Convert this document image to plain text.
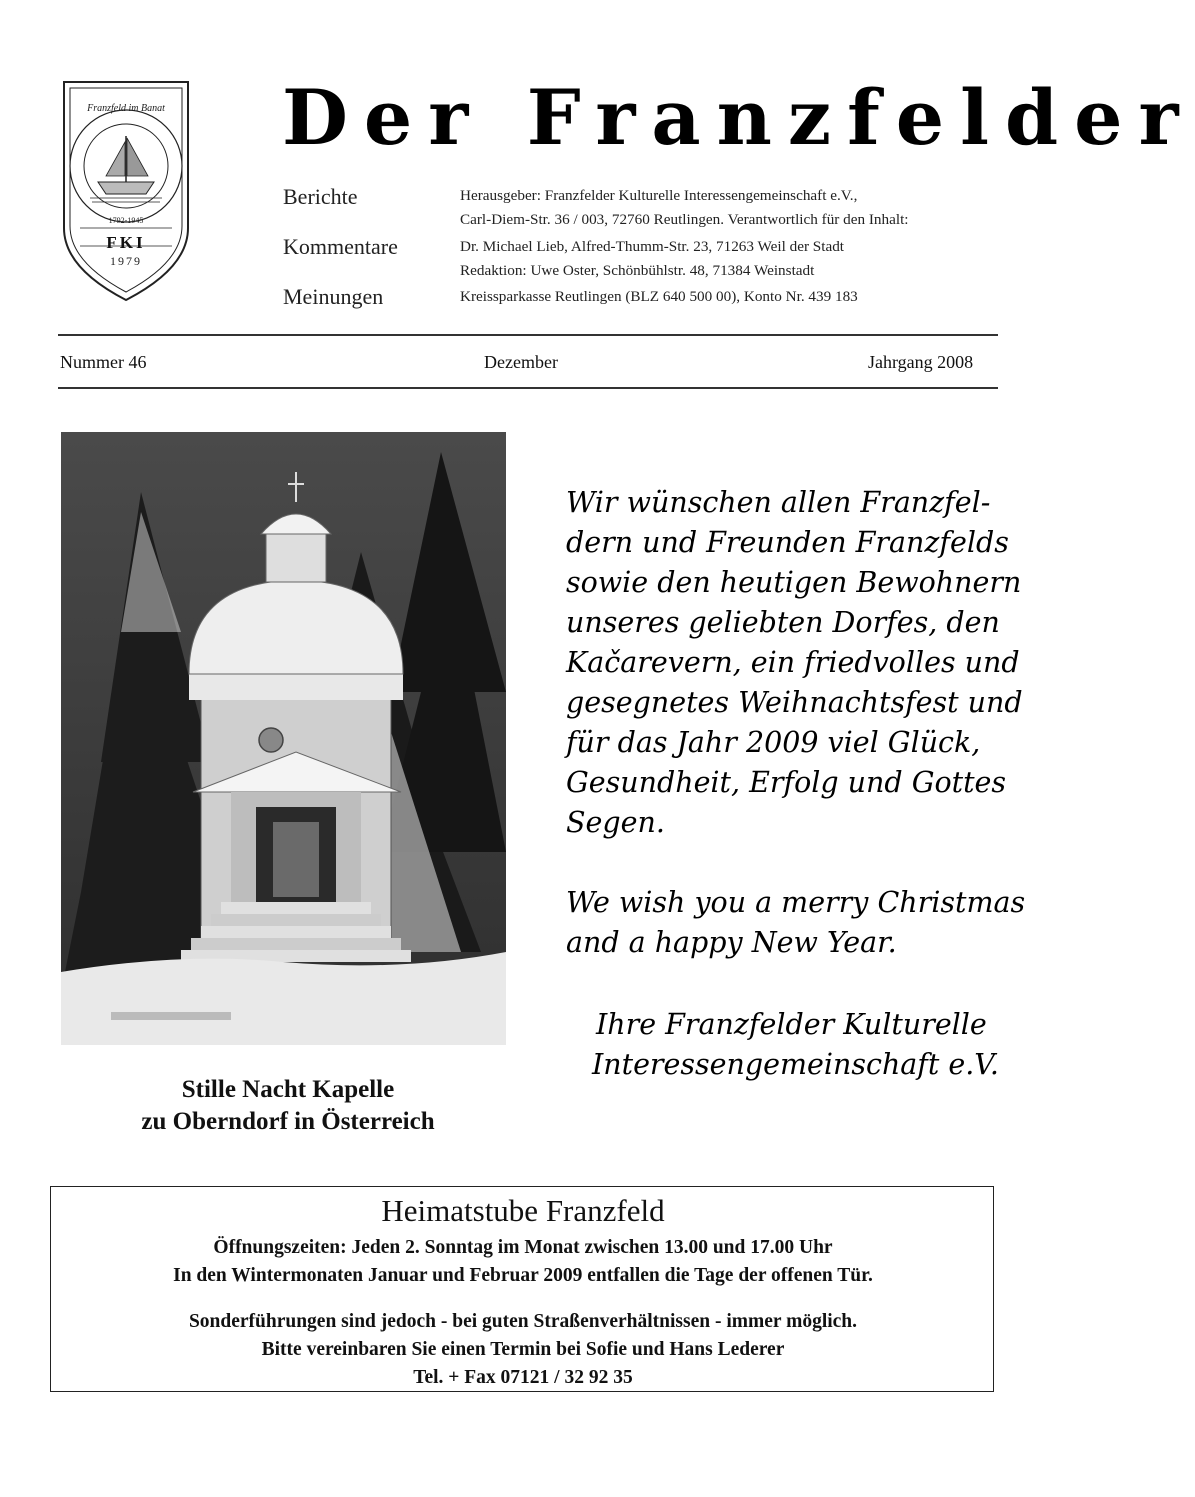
Franzfeld im Banat
1792-1945
FKI
1979
Der Franzfelder
Berichte
Kommentare
Meinungen
Herausgeber: Franzfelder Kulturelle Interessengemeinschaft e.V.,
Carl-Diem-Str. 36 / 003, 72760 Reutlingen. Verantwortlich für den Inhalt:
Dr. Michael Lieb, Alfred-Thumm-Str. 23, 71263 Weil der Stadt
Redaktion: Uwe Oster, Schönbühlstr. 48, 71384 Weinstadt
Kreissparkasse Reutlingen (BLZ 640 500 00), Konto Nr. 439 183
Nummer 46	Dezember	Jahrgang 2008
Stille Nacht Kapelle
zu Oberndorf in Österreich
Wir wünschen allen Franzfel-
dern und Freunden Franzfelds
sowie den heutigen Bewohnern
unseres geliebten Dorfes, den
Kačarevern, ein friedvolles und
gesegnetes Weihnachtsfest und
für das Jahr 2009 viel Glück,
Gesundheit, Erfolg und Gottes
Segen.
We wish you a merry Christmas
and a happy New Year.
Ihre Franzfelder Kulturelle
Interessengemeinschaft e.V.
Heimatstube Franzfeld
Öffnungszeiten: Jeden 2. Sonntag im Monat zwischen 13.00 und 17.00 Uhr
In den Wintermonaten Januar und Februar 2009 entfallen die Tage der offenen Tür.
Sonderführungen sind jedoch - bei guten Straßenverhältnissen - immer möglich.
Bitte vereinbaren Sie einen Termin bei Sofie und Hans Lederer
Tel. + Fax 07121 / 32 92 35
